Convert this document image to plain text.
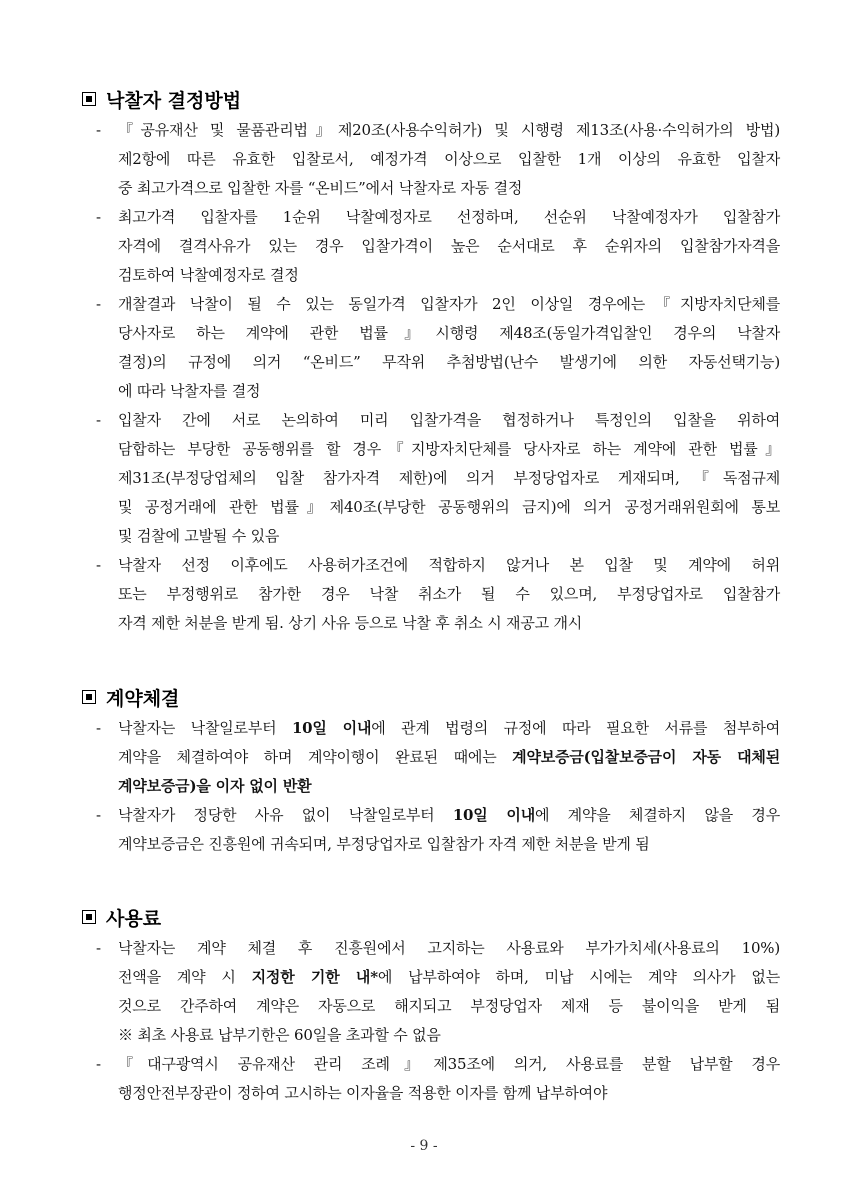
낙찰자 결정방법
- 『공유재산 및 물품관리법』제20조(사용수익허가) 및 시행령 제13조(사용·수익허가의 방법)
제2항에 따른 유효한 입찰로서, 예정가격 이상으로 입찰한 1개 이상의 유효한 입찰자
중 최고가격으로 입찰한 자를 “온비드”에서 낙찰자로 자동 결정
- 최고가격 입찰자를 1순위 낙찰예정자로 선정하며, 선순위 낙찰예정자가 입찰참가
자격에 결격사유가 있는 경우 입찰가격이 높은 순서대로 후 순위자의 입찰참가자격을
검토하여 낙찰예정자로 결정
- 개찰결과 낙찰이 될 수 있는 동일가격 입찰자가 2인 이상일 경우에는『지방자치단체를
당사자로 하는 계약에 관한 법률』시행령 제48조(동일가격입찰인 경우의 낙찰자
결정)의 규정에 의거 “온비드” 무작위 추첨방법(난수 발생기에 의한 자동선택기능)
에 따라 낙찰자를 결정
- 입찰자 간에 서로 논의하여 미리 입찰가격을 협정하거나 특정인의 입찰을 위하여
담합하는 부당한 공동행위를 할 경우『지방자치단체를 당사자로 하는 계약에 관한 법률』
제31조(부정당업체의 입찰 참가자격 제한)에 의거 부정당업자로 게재되며,『독점규제
및 공정거래에 관한 법률』제40조(부당한 공동행위의 금지)에 의거 공정거래위원회에 통보
및 검찰에 고발될 수 있음
- 낙찰자 선정 이후에도 사용허가조건에 적합하지 않거나 본 입찰 및 계약에 허위
또는 부정행위로 참가한 경우 낙찰 취소가 될 수 있으며, 부정당업자로 입찰참가
자격 제한 처분을 받게 됨. 상기 사유 등으로 낙찰 후 취소 시 재공고 개시
계약체결
- 낙찰자는 낙찰일로부터 10일 이내에 관계 법령의 규정에 따라 필요한 서류를 첨부하여
계약을 체결하여야 하며 계약이행이 완료된 때에는 계약보증금(입찰보증금이 자동 대체된
계약보증금)을 이자 없이 반환
- 낙찰자가 정당한 사유 없이 낙찰일로부터 10일 이내에 계약을 체결하지 않을 경우
계약보증금은 진흥원에 귀속되며, 부정당업자로 입찰참가 자격 제한 처분을 받게 됨
사용료
- 낙찰자는 계약 체결 후 진흥원에서 고지하는 사용료와 부가가치세(사용료의 10%)
전액을 계약 시 지정한 기한 내*에 납부하여야 하며, 미납 시에는 계약 의사가 없는
것으로 간주하여 계약은 자동으로 해지되고 부정당업자 제재 등 불이익을 받게 됨
※ 최초 사용료 납부기한은 60일을 초과할 수 없음
- 『대구광역시 공유재산 관리 조례』제35조에 의거, 사용료를 분할 납부할 경우
행정안전부장관이 정하여 고시하는 이자율을 적용한 이자를 함께 납부하여야
- 9 -
